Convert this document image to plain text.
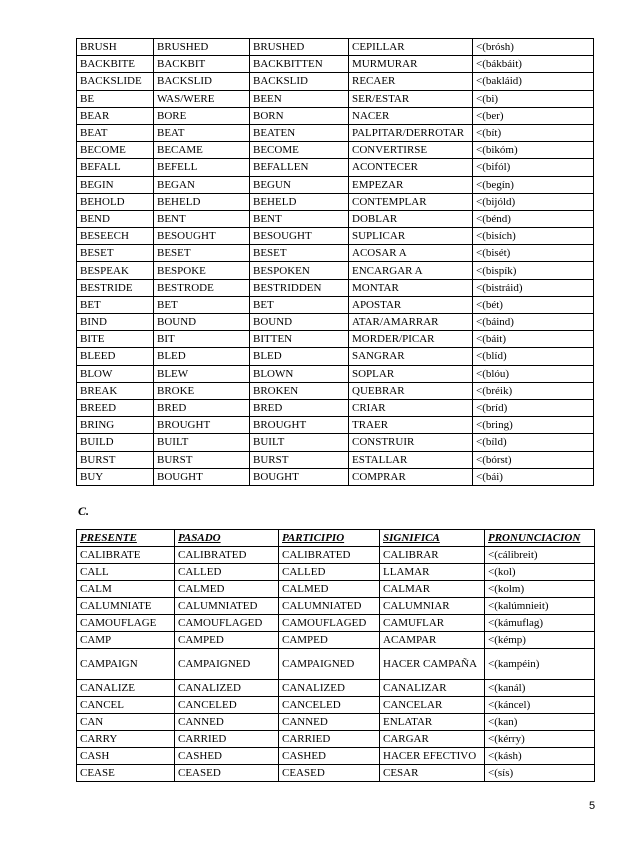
BRUSH	BRUSHED	BRUSHED	CEPILLAR	<(brósh)
BACKBITE	BACKBIT	BACKBITTEN	MURMURAR	<(bákbáit)
BACKSLIDE	BACKSLID	BACKSLID	RECAER	<(bakláid)
BE	WAS/WERE	BEEN	SER/ESTAR	<(bi)
BEAR	BORE	BORN	NACER	<(ber)
BEAT	BEAT	BEATEN	PALPITAR/DERROTAR	<(bít)
BECOME	BECAME	BECOME	CONVERTIRSE	<(bikóm)
BEFALL	BEFELL	BEFALLEN	ACONTECER	<(bifól)
BEGIN	BEGAN	BEGUN	EMPEZAR	<(begín)
BEHOLD	BEHELD	BEHELD	CONTEMPLAR	<(bijóld)
BEND	BENT	BENT	DOBLAR	<(bénd)
BESEECH	BESOUGHT	BESOUGHT	SUPLICAR	<(bisích)
BESET	BESET	BESET	ACOSAR A	<(bisét)
BESPEAK	BESPOKE	BESPOKEN	ENCARGAR A	<(bispík)
BESTRIDE	BESTRODE	BESTRIDDEN	MONTAR	<(bistráid)
BET	BET	BET	APOSTAR	<(bét)
BIND	BOUND	BOUND	ATAR/AMARRAR	<(báind)
BITE	BIT	BITTEN	MORDER/PICAR	<(báit)
BLEED	BLED	BLED	SANGRAR	<(blíd)
BLOW	BLEW	BLOWN	SOPLAR	<(blóu)
BREAK	BROKE	BROKEN	QUEBRAR	<(bréik)
BREED	BRED	BRED	CRIAR	<(bríd)
BRING	BROUGHT	BROUGHT	TRAER	<(bring)
BUILD	BUILT	BUILT	CONSTRUIR	<(bíld)
BURST	BURST	BURST	ESTALLAR	<(bórst)
BUY	BOUGHT	BOUGHT	COMPRAR	<(bái)
C.
PRESENTE	PASADO	PARTICIPIO	SIGNIFICA	PRONUNCIACION
CALIBRATE	CALIBRATED	CALIBRATED	CALIBRAR	<(cálibreit)
CALL	CALLED	CALLED	LLAMAR	<(kol)
CALM	CALMED	CALMED	CALMAR	<(kolm)
CALUMNIATE	CALUMNIATED	CALUMNIATED	CALUMNIAR	<(kalúmnieit)
CAMOUFLAGE	CAMOUFLAGED	CAMOUFLAGED	CAMUFLAR	<(kámuflag)
CAMP	CAMPED	CAMPED	ACAMPAR	<(kémp)
CAMPAIGN	CAMPAIGNED	CAMPAIGNED	HACER CAMPAÑA	<(kampéin)
CANALIZE	CANALIZED	CANALIZED	CANALIZAR	<(kanál)
CANCEL	CANCELED	CANCELED	CANCELAR	<(káncel)
CAN	CANNED	CANNED	ENLATAR	<(kan)
CARRY	CARRIED	CARRIED	CARGAR	<(kérry)
CASH	CASHED	CASHED	HACER EFECTIVO	<(kásh)
CEASE	CEASED	CEASED	CESAR	<(sís)
5
